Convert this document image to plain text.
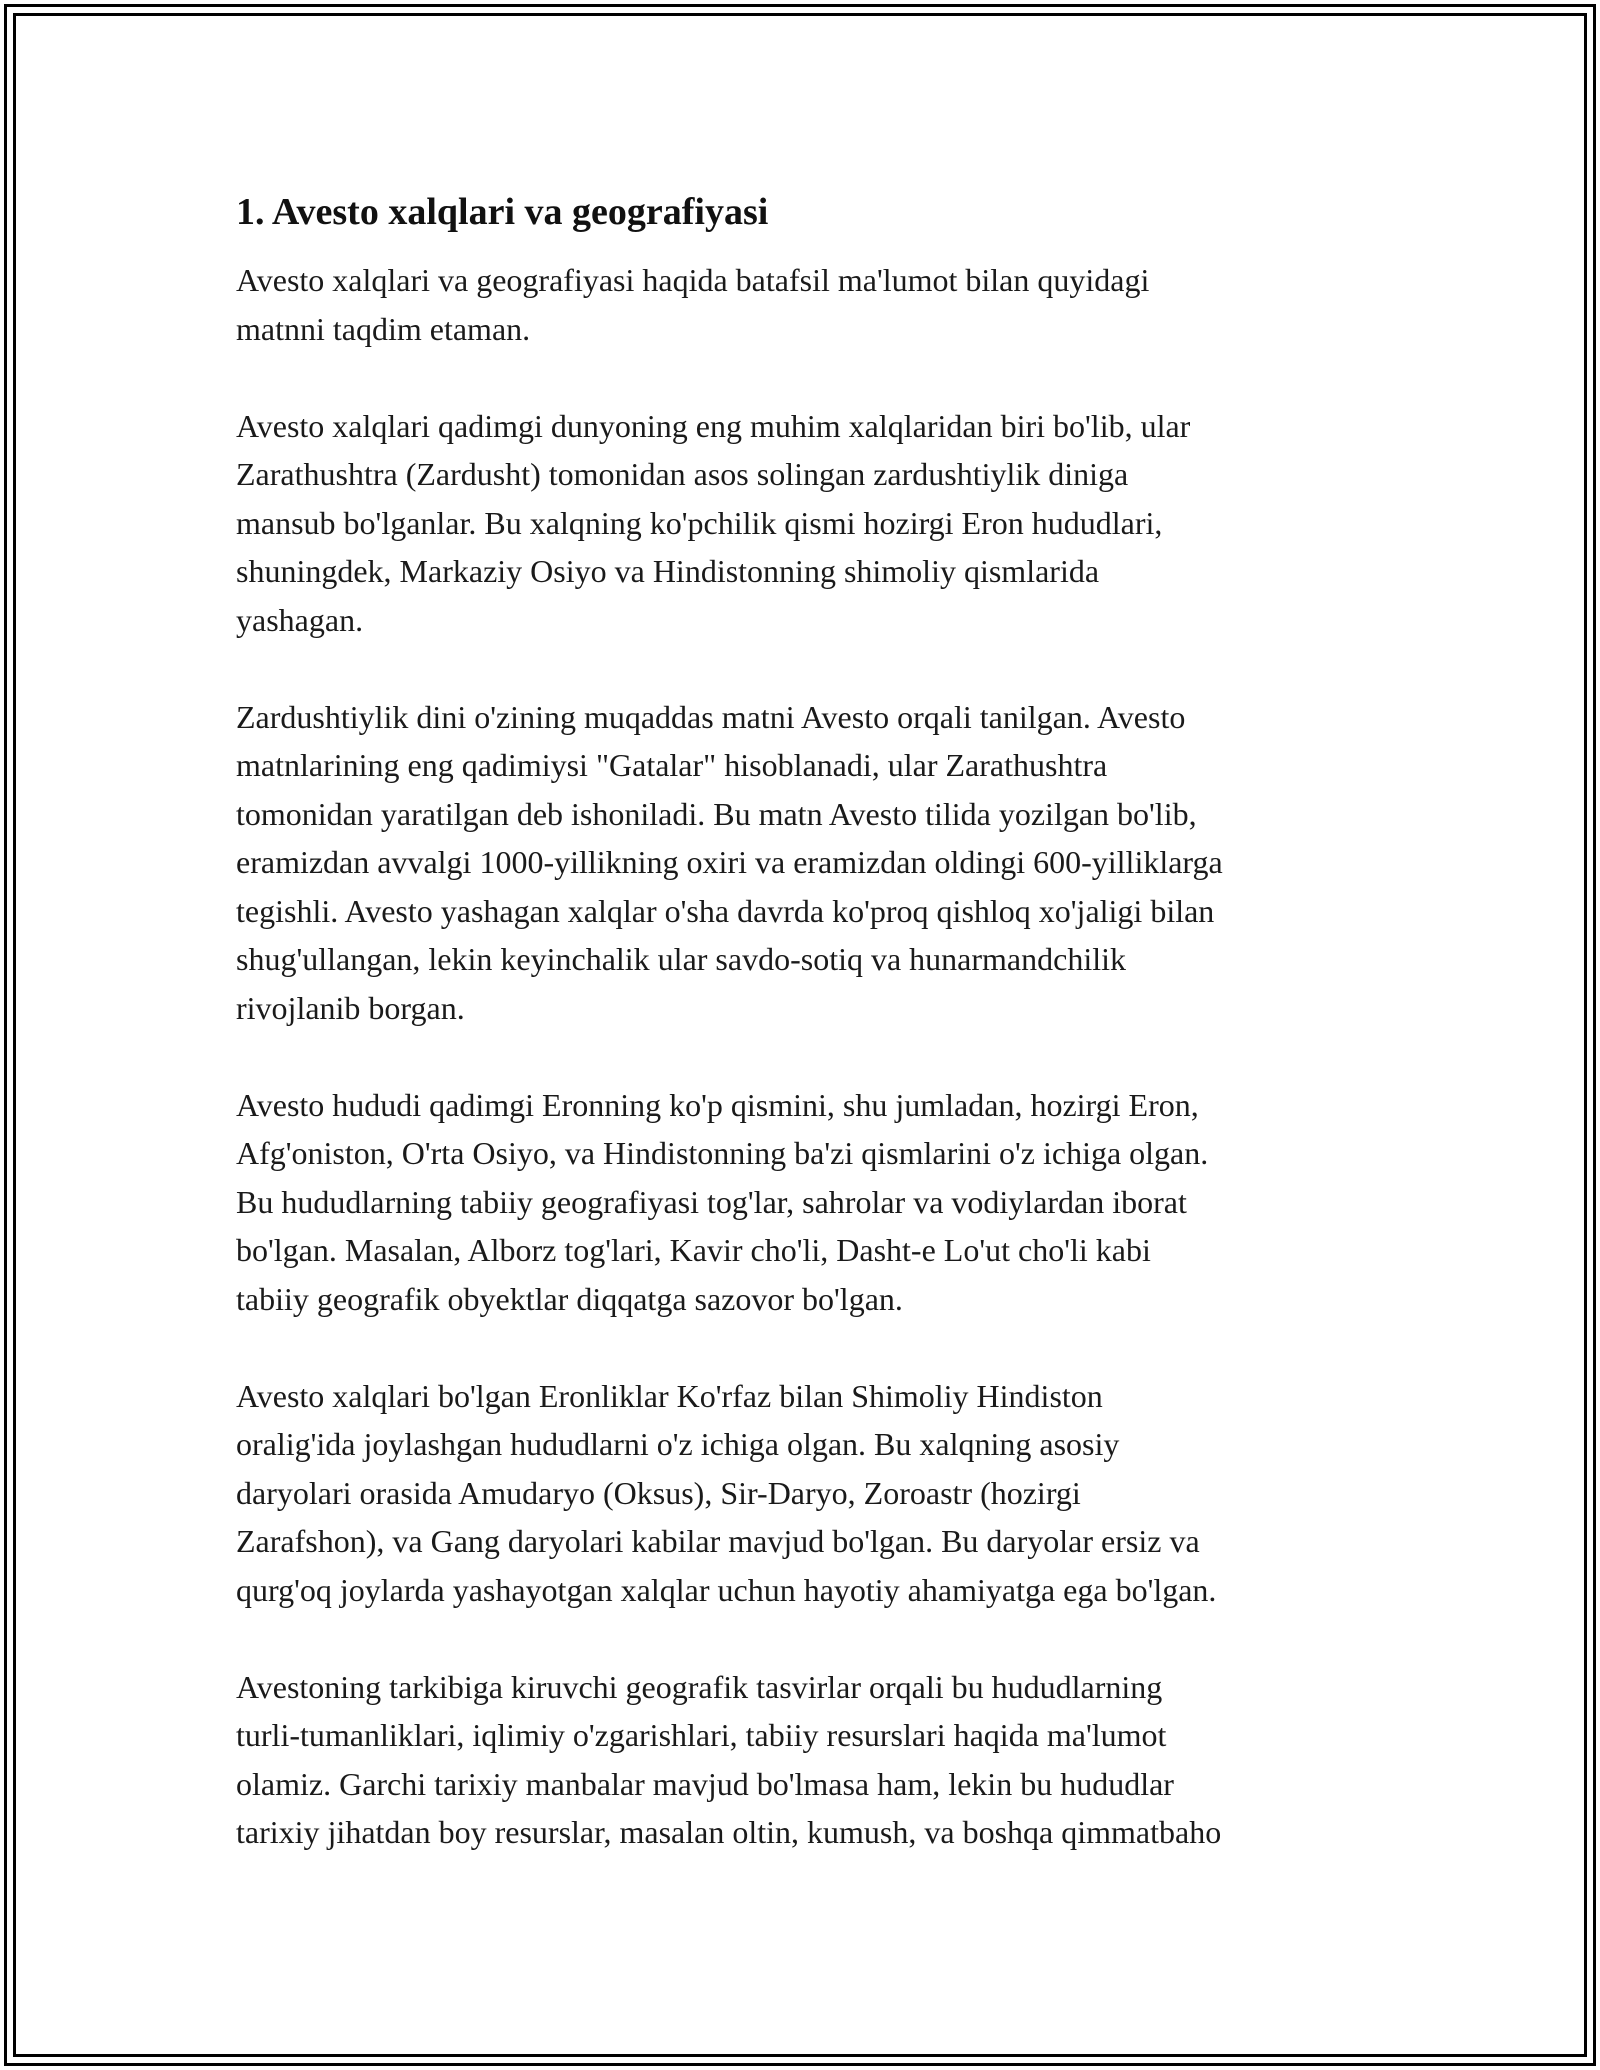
1. Avesto xalqlari va geografiyasi

Avesto xalqlari va geografiyasi haqida batafsil ma'lumot bilan quyidagi
matnni taqdim etaman.

Avesto xalqlari qadimgi dunyoning eng muhim xalqlaridan biri bo'lib, ular
Zarathushtra (Zardusht) tomonidan asos solingan zardushtiylik diniga
mansub bo'lganlar. Bu xalqning ko'pchilik qismi hozirgi Eron hududlari,
shuningdek, Markaziy Osiyo va Hindistonning shimoliy qismlarida
yashagan.

Zardushtiylik dini o'zining muqaddas matni Avesto orqali tanilgan. Avesto
matnlarining eng qadimiysi "Gatalar" hisoblanadi, ular Zarathushtra
tomonidan yaratilgan deb ishoniladi. Bu matn Avesto tilida yozilgan bo'lib,
eramizdan avvalgi 1000-yillikning oxiri va eramizdan oldingi 600-yilliklarga
tegishli. Avesto yashagan xalqlar o'sha davrda ko'proq qishloq xo'jaligi bilan
shug'ullangan, lekin keyinchalik ular savdo-sotiq va hunarmandchilik
rivojlanib borgan.

Avesto hududi qadimgi Eronning ko'p qismini, shu jumladan, hozirgi Eron,
Afg'oniston, O'rta Osiyo, va Hindistonning ba'zi qismlarini o'z ichiga olgan.
Bu hududlarning tabiiy geografiyasi tog'lar, sahrolar va vodiylardan iborat
bo'lgan. Masalan, Alborz tog'lari, Kavir cho'li, Dasht-e Lo'ut cho'li kabi
tabiiy geografik obyektlar diqqatga sazovor bo'lgan.

Avesto xalqlari bo'lgan Eronliklar Ko'rfaz bilan Shimoliy Hindiston
oralig'ida joylashgan hududlarni o'z ichiga olgan. Bu xalqning asosiy
daryolari orasida Amudaryo (Oksus), Sir-Daryo, Zoroastr (hozirgi
Zarafshon), va Gang daryolari kabilar mavjud bo'lgan. Bu daryolar ersiz va
qurg'oq joylarda yashayotgan xalqlar uchun hayotiy ahamiyatga ega bo'lgan.

Avestoning tarkibiga kiruvchi geografik tasvirlar orqali bu hududlarning
turli-tumanliklari, iqlimiy o'zgarishlari, tabiiy resurslari haqida ma'lumot
olamiz. Garchi tarixiy manbalar mavjud bo'lmasa ham, lekin bu hududlar
tarixiy jihatdan boy resurslar, masalan oltin, kumush, va boshqa qimmatbaho
